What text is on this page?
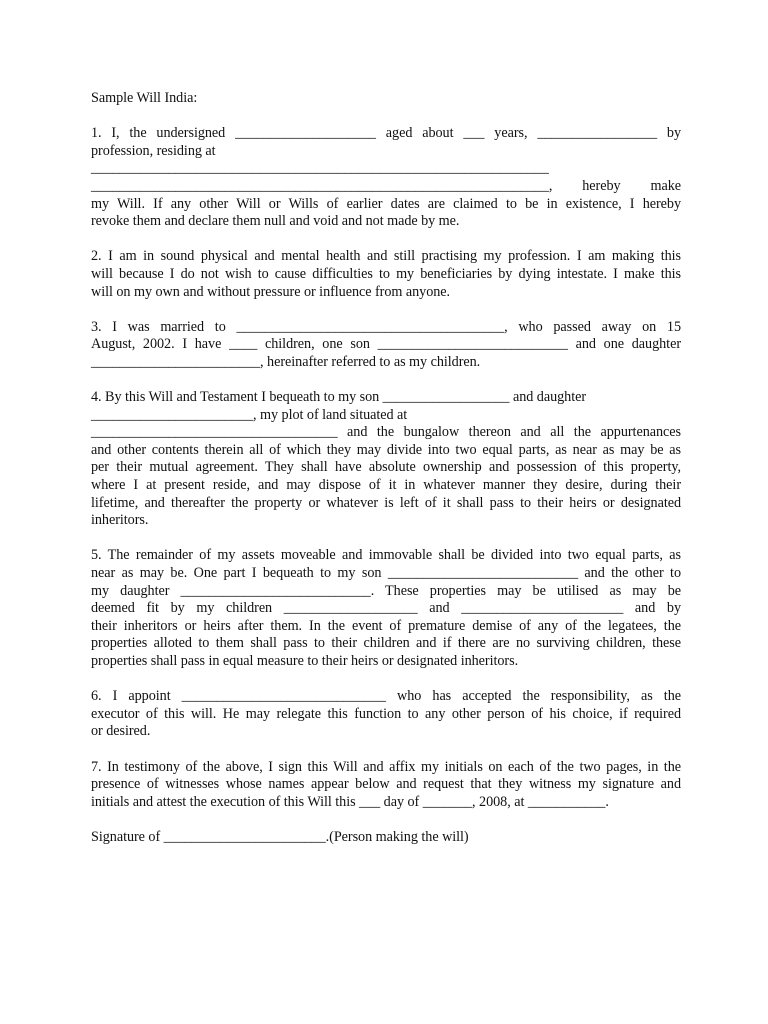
Sample Will India:
1. I, the undersigned ____________________ aged about ___ years, _________________ by
profession, residing at
_________________________________________________________________
_________________________________________________________________, hereby make
my Will. If any other Will or Wills of earlier dates are claimed to be in existence, I hereby
revoke them and declare them null and void and not made by me.
2. I am in sound physical and mental health and still practising my profession. I am making this
will because I do not wish to cause difficulties to my beneficiaries by dying intestate. I make this
will on my own and without pressure or influence from anyone.
3. I was married to ______________________________________, who passed away on 15
August, 2002. I have ____ children, one son ___________________________ and one daughter
________________________, hereinafter referred to as my children.
4. By this Will and Testament I bequeath to my son __________________ and daughter
_______________________, my plot of land situated at
___________________________________ and the bungalow thereon and all the appurtenances
and other contents therein all of which they may divide into two equal parts, as near as may be as
per their mutual agreement. They shall have absolute ownership and possession of this property,
where I at present reside, and may dispose of it in whatever manner they desire, during their
lifetime, and thereafter the property or whatever is left of it shall pass to their heirs or designated
inheritors.
5. The remainder of my assets moveable and immovable shall be divided into two equal parts, as
near as may be. One part I bequeath to my son ___________________________ and the other to
my daughter ___________________________. These properties may be utilised as may be
deemed fit by my children ___________________ and _______________________ and by
their inheritors or heirs after them. In the event of premature demise of any of the legatees, the
properties alloted to them shall pass to their children and if there are no surviving children, these
properties shall pass in equal measure to their heirs or designated inheritors.
6. I appoint _____________________________ who has accepted the responsibility, as the
executor of this will. He may relegate this function to any other person of his choice, if required
or desired.
7. In testimony of the above, I sign this Will and affix my initials on each of the two pages, in the
presence of witnesses whose names appear below and request that they witness my signature and
initials and attest the execution of this Will this ___ day of _______, 2008, at ___________.
Signature of _______________________.(Person making the will)
